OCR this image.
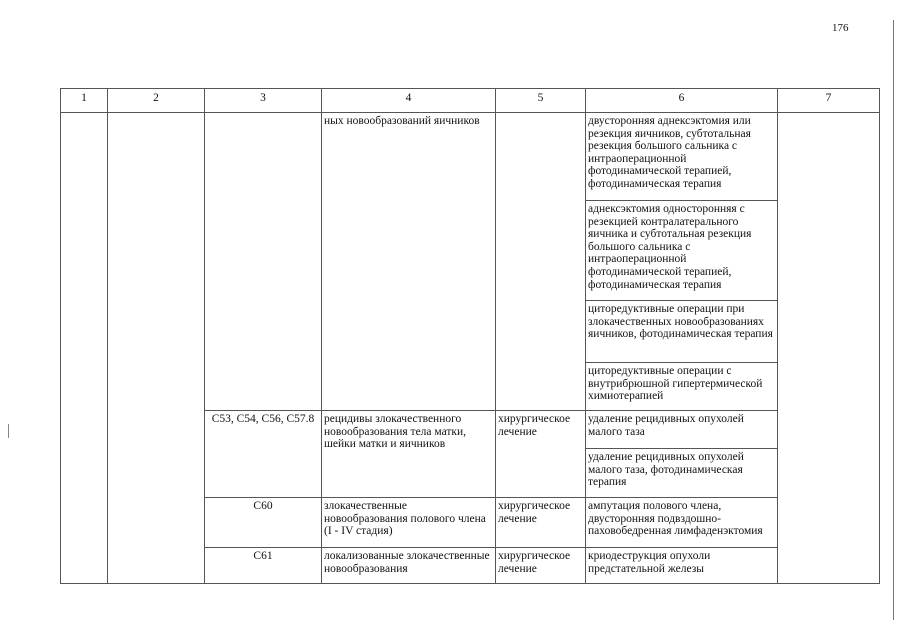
176
1	2	3	4	5	6	7
			ных новообразований яичников		двусторонняя аднексэктомия или резекция яичников, субтотальная резекция большого сальника с интраоперационной фотодинамической терапией, фотодинамическая терапия	
					аднексэктомия односторонняя с резекцией контралатерального яичника и субтотальная резекция большого сальника с интраоперационной фотодинамической терапией, фотодинамическая терапия	
					циторедуктивные операции при злокачественных новообразованиях яичников, фотодинамическая терапия	
					циторедуктивные операции с внутрибрюшной гипертермической химиотерапией	
		C53, C54, C56, C57.8	рецидивы злокачественного новообразования тела матки, шейки матки и яичников	хирургическое лечение	удаление рецидивных опухолей малого таза	
					удаление рецидивных опухолей малого таза, фотодинамическая терапия	
		C60	злокачественные новообразования полового члена (I - IV стадия)	хирургическое лечение	ампутация полового члена, двусторонняя подвздошно-паховобедренная лимфаденэктомия	
		C61	локализованные злокачественные новообразования	хирургическое лечение	криодеструкция опухоли предстательной железы	
